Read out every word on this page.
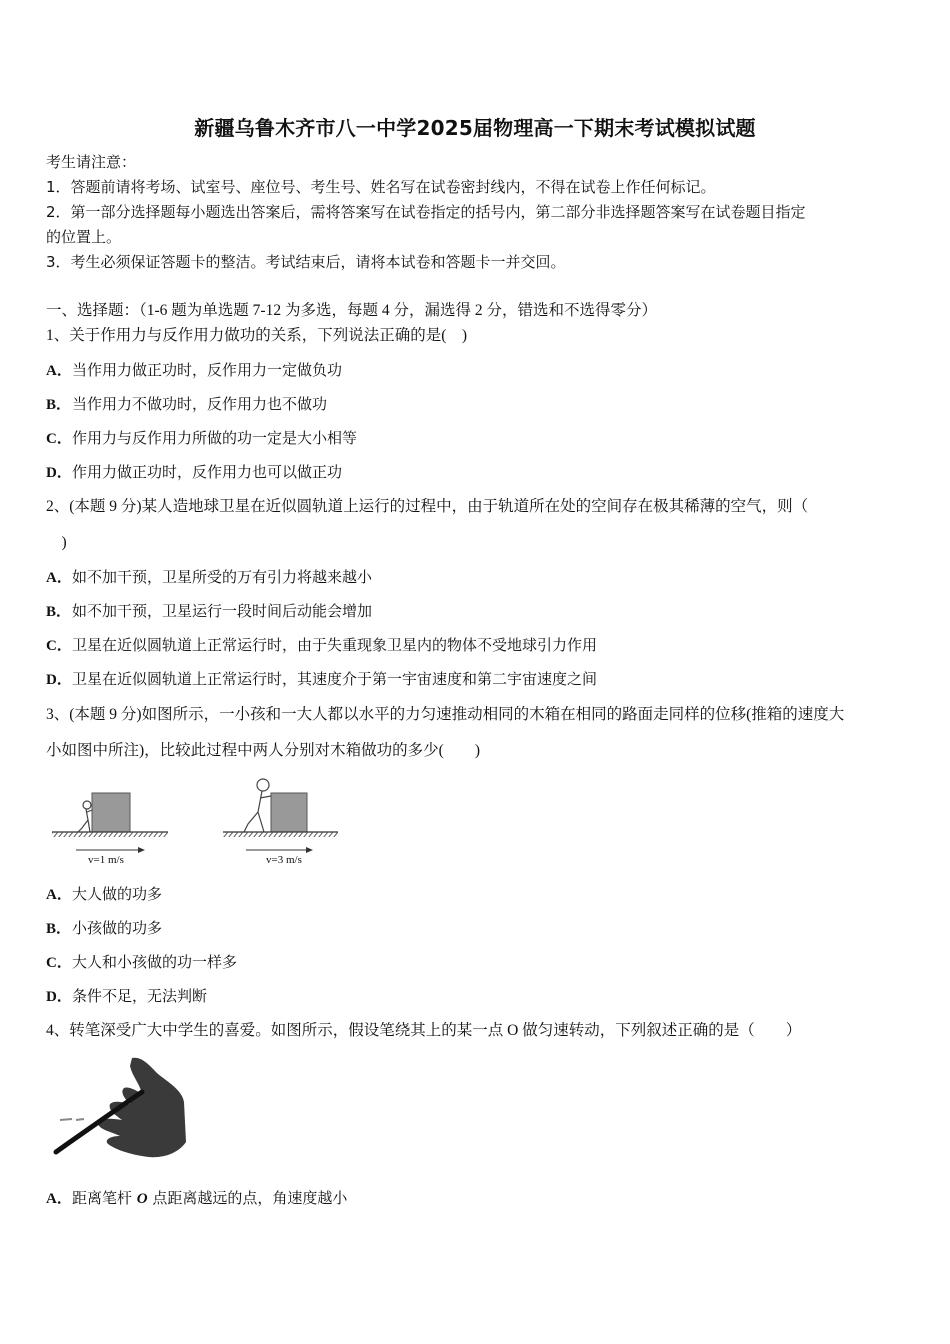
新疆乌鲁木齐市八一中学2025届物理高一下期末考试模拟试题
考生请注意：
1．答题前请将考场、试室号、座位号、考生号、姓名写在试卷密封线内，不得在试卷上作任何标记。
2．第一部分选择题每小题选出答案后，需将答案写在试卷指定的括号内，第二部分非选择题答案写在试卷题目指定
的位置上。
3．考生必须保证答题卡的整洁。考试结束后，请将本试卷和答题卡一并交回。
一、选择题：（1-6 题为单选题 7-12 为多选，每题 4 分，漏选得 2 分，错选和不选得零分）
1、关于作用力与反作用力做功的关系，下列说法正确的是(　)
A．当作用力做正功时，反作用力一定做负功
B．当作用力不做功时，反作用力也不做功
C．作用力与反作用力所做的功一定是大小相等
D．作用力做正功时，反作用力也可以做正功
2、(本题 9 分)某人造地球卫星在近似圆轨道上运行的过程中，由于轨道所在处的空间存在极其稀薄的空气，则（
　)
A．如不加干预，卫星所受的万有引力将越来越小
B．如不加干预，卫星运行一段时间后动能会增加
C．卫星在近似圆轨道上正常运行时，由于失重现象卫星内的物体不受地球引力作用
D．卫星在近似圆轨道上正常运行时，其速度介于第一宇宙速度和第二宇宙速度之间
3、(本题 9 分)如图所示，一小孩和一大人都以水平的力匀速推动相同的木箱在相同的路面走同样的位移(推箱的速度大
小如图中所注)，比较此过程中两人分别对木箱做功的多少(　　)
v=1 m/s	v=3 m/s
A．大人做的功多
B．小孩做的功多
C．大人和小孩做的功一样多
D．条件不足，无法判断
4、转笔深受广大中学生的喜爱。如图所示，假设笔绕其上的某一点 O 做匀速转动，下列叙述正确的是（　　）
A．距离笔杆 O 点距离越远的点，角速度越小
